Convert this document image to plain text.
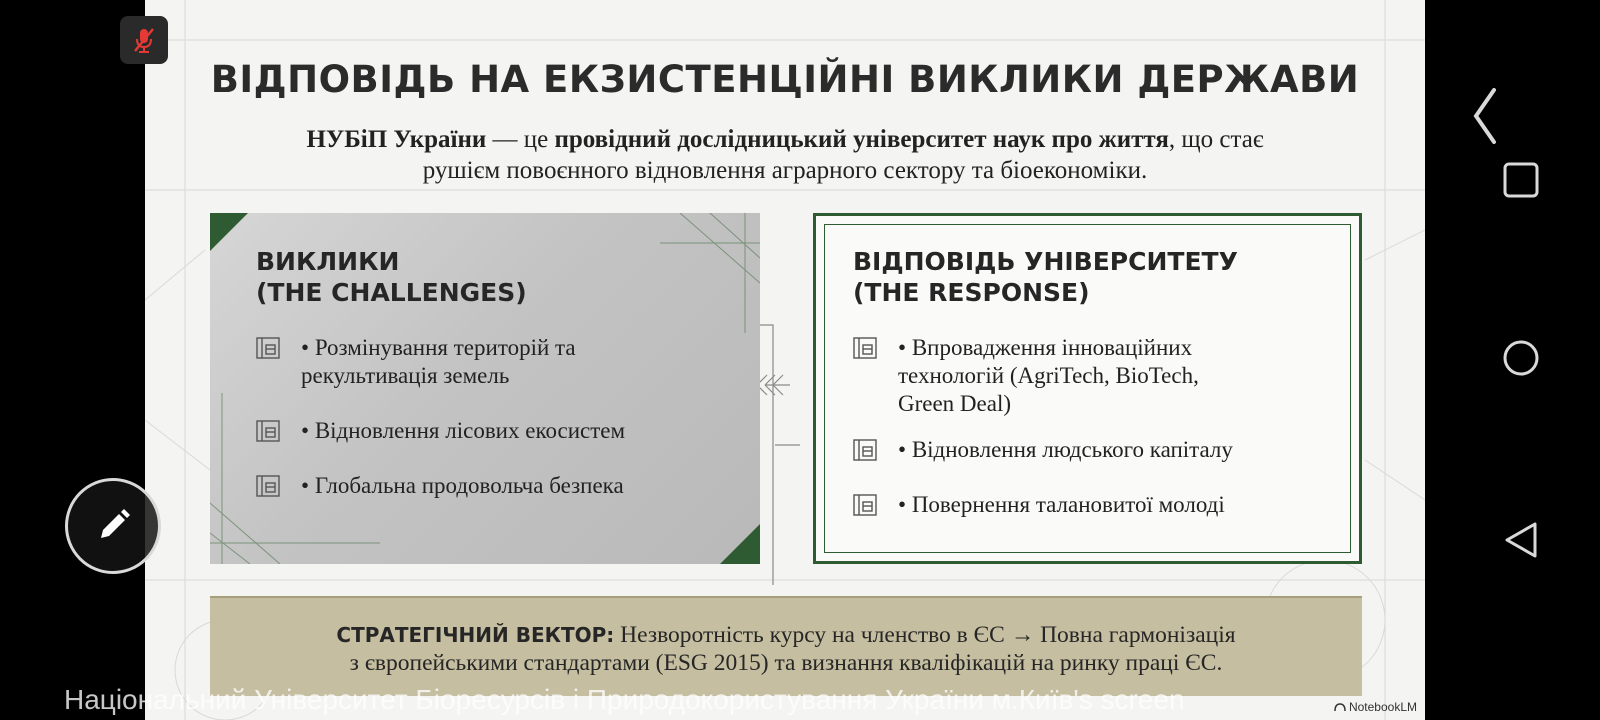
ВІДПОВІДЬ НА ЕКЗИСТЕНЦІЙНІ ВИКЛИКИ ДЕРЖАВИ
НУБіП України — це провідний дослідницький університет наук про життя, що стає рушієм повоєнного відновлення аграрного сектору та біоекономіки.
ВИКЛИКИ
(THE CHALLENGES)
• Розмінування територій та
рекультивація земель
• Відновлення лісових екосистем
• Глобальна продовольча безпека
ВІДПОВІДЬ УНІВЕРСИТЕТУ
(THE RESPONSE)
• Впровадження інноваційних
технологій (AgriTech, BioTech,
Green Deal)
• Відновлення людського капіталу
• Повернення талановитої молоді
СТРАТЕГІЧНИЙ ВЕКТОР: Незворотність курсу на членство в ЄС → Повна гармонізація
з європейськими стандартами (ESG 2015) та визнання кваліфікацій на ринку праці ЄС.
NotebookLM
Національний Університет Біоресурсів і Природокористування України м.Київ's screen
